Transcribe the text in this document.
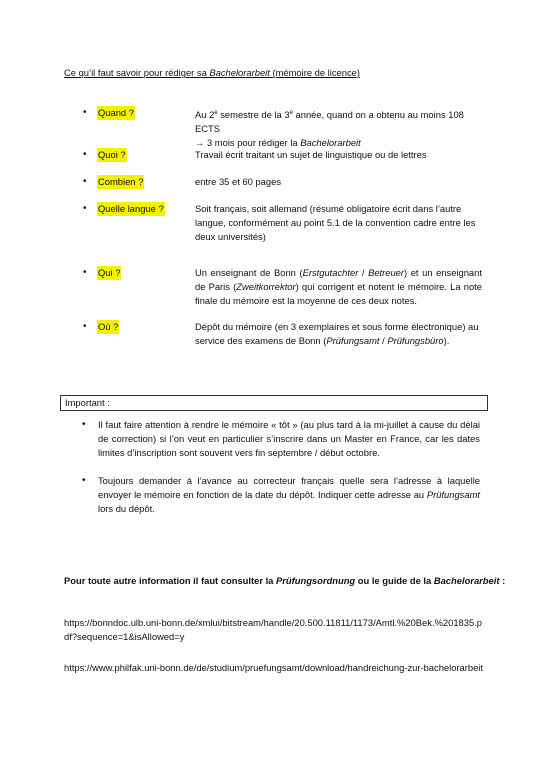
Ce qu’il faut savoir pour rédiger sa Bachelorarbeit (mémoire de licence)
• Quand ?	Au 2e semestre de la 3e année, quand on a obtenu au moins 108 ECTS
→ 3 mois pour rédiger la Bachelorarbeit
• Quoi ?	Travail écrit traitant un sujet de linguistique ou de lettres
• Combien ?	entre 35 et 60 pages
• Quelle langue ?	Soit français, soit allemand (résumé obligatoire écrit dans l’autre
langue, conformément au point 5.1 de la convention cadre entre les
deux universités)
• Qui ?	Un enseignant de Bonn (Erstgutachter / Betreuer) et un enseignant de Paris (Zweitkorrektor) qui corrigent et notent le mémoire. La note finale du mémoire est la moyenne de ces deux notes.
• Où ?	Dépôt du mémoire (en 3 exemplaires et sous forme électronique) au
service des examens de Bonn (Prüfungsamt / Prüfungsbüro).
Important :
• Il faut faire attention à rendre le mémoire « tôt » (au plus tard à la mi-juillet à cause du délai de correction) si l’on veut en particulier s’inscrire dans un Master en France, car les dates limites d’inscription sont souvent vers fin septembre / début octobre.
• Toujours demander à l’avance au correcteur français quelle sera l’adresse à laquelle envoyer le mémoire en fonction de la date du dépôt. Indiquer cette adresse au Prüfungsamt lors du dépôt.
Pour toute autre information il faut consulter la Prüfungsordnung ou le guide de la Bachelorarbeit :
https://bonndoc.ulb.uni-bonn.de/xmlui/bitstream/handle/20.500.11811/1173/Amtl.%20Bek.%201835.pdf?sequence=1&isAllowed=y
https://www.philfak.uni-bonn.de/de/studium/pruefungsamt/download/handreichung-zur-bachelorarbeit
